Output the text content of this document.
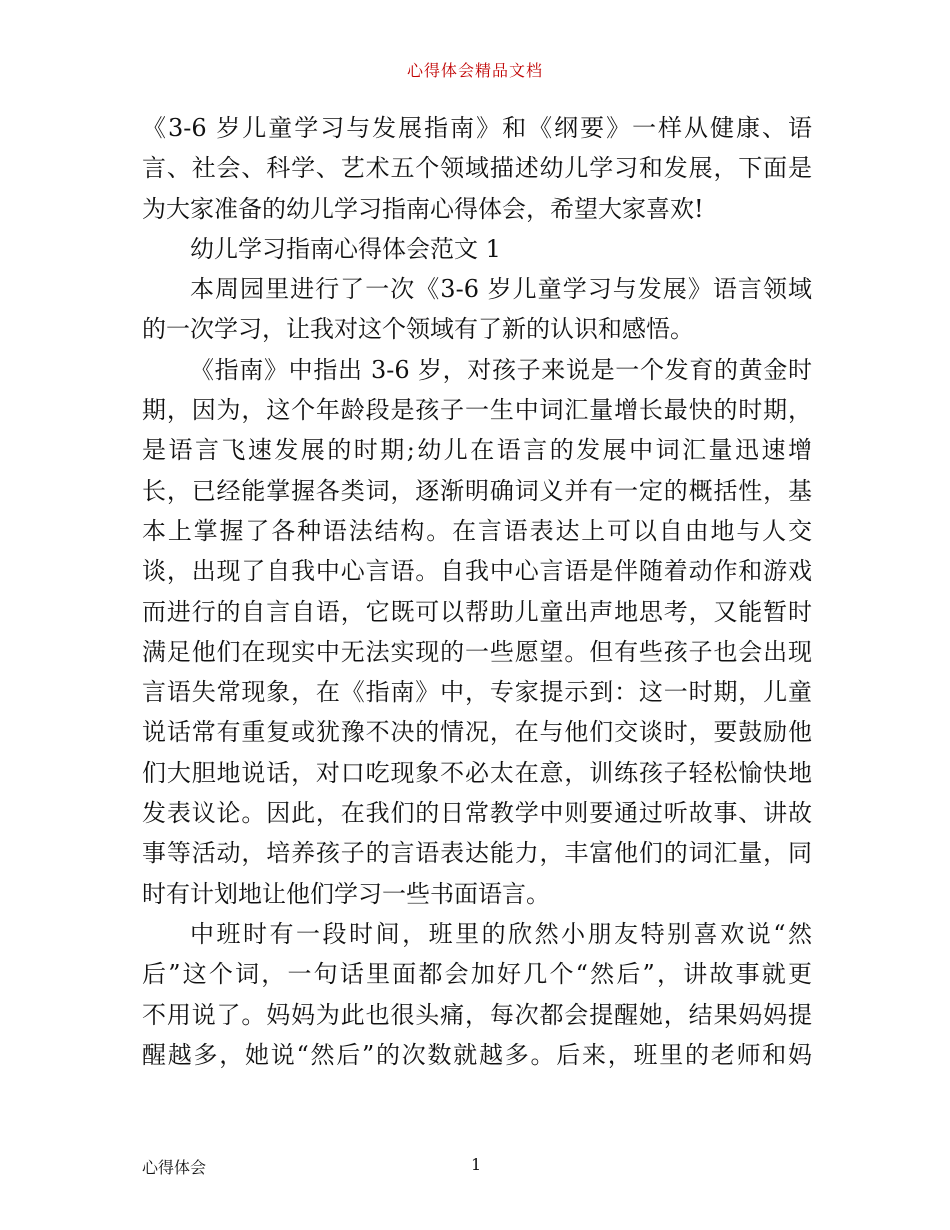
心得体会精品文档
《3-6 岁儿童学习与发展指南》和《纲要》一样从健康、语
言、社会、科学、艺术五个领域描述幼儿学习和发展，下面是
为大家准备的幼儿学习指南心得体会，希望大家喜欢!
幼儿学习指南心得体会范文 1
本周园里进行了一次《3-6 岁儿童学习与发展》语言领域
的一次学习，让我对这个领域有了新的认识和感悟。
《指南》中指出 3-6 岁，对孩子来说是一个发育的黄金时
期，因为，这个年龄段是孩子一生中词汇量增长最快的时期，
是语言飞速发展的时期;幼儿在语言的发展中词汇量迅速增
长，已经能掌握各类词，逐渐明确词义并有一定的概括性，基
本上掌握了各种语法结构。在言语表达上可以自由地与人交
谈，出现了自我中心言语。自我中心言语是伴随着动作和游戏
而进行的自言自语，它既可以帮助儿童出声地思考，又能暂时
满足他们在现实中无法实现的一些愿望。但有些孩子也会出现
言语失常现象，在《指南》中，专家提示到：这一时期，儿童
说话常有重复或犹豫不决的情况，在与他们交谈时，要鼓励他
们大胆地说话，对口吃现象不必太在意，训练孩子轻松愉快地
发表议论。因此，在我们的日常教学中则要通过听故事、讲故
事等活动，培养孩子的言语表达能力，丰富他们的词汇量，同
时有计划地让他们学习一些书面语言。
中班时有一段时间，班里的欣然小朋友特别喜欢说“然
后”这个词，一句话里面都会加好几个“然后”，讲故事就更
不用说了。妈妈为此也很头痛，每次都会提醒她，结果妈妈提
醒越多，她说“然后”的次数就越多。后来，班里的老师和妈
心得体会	1
